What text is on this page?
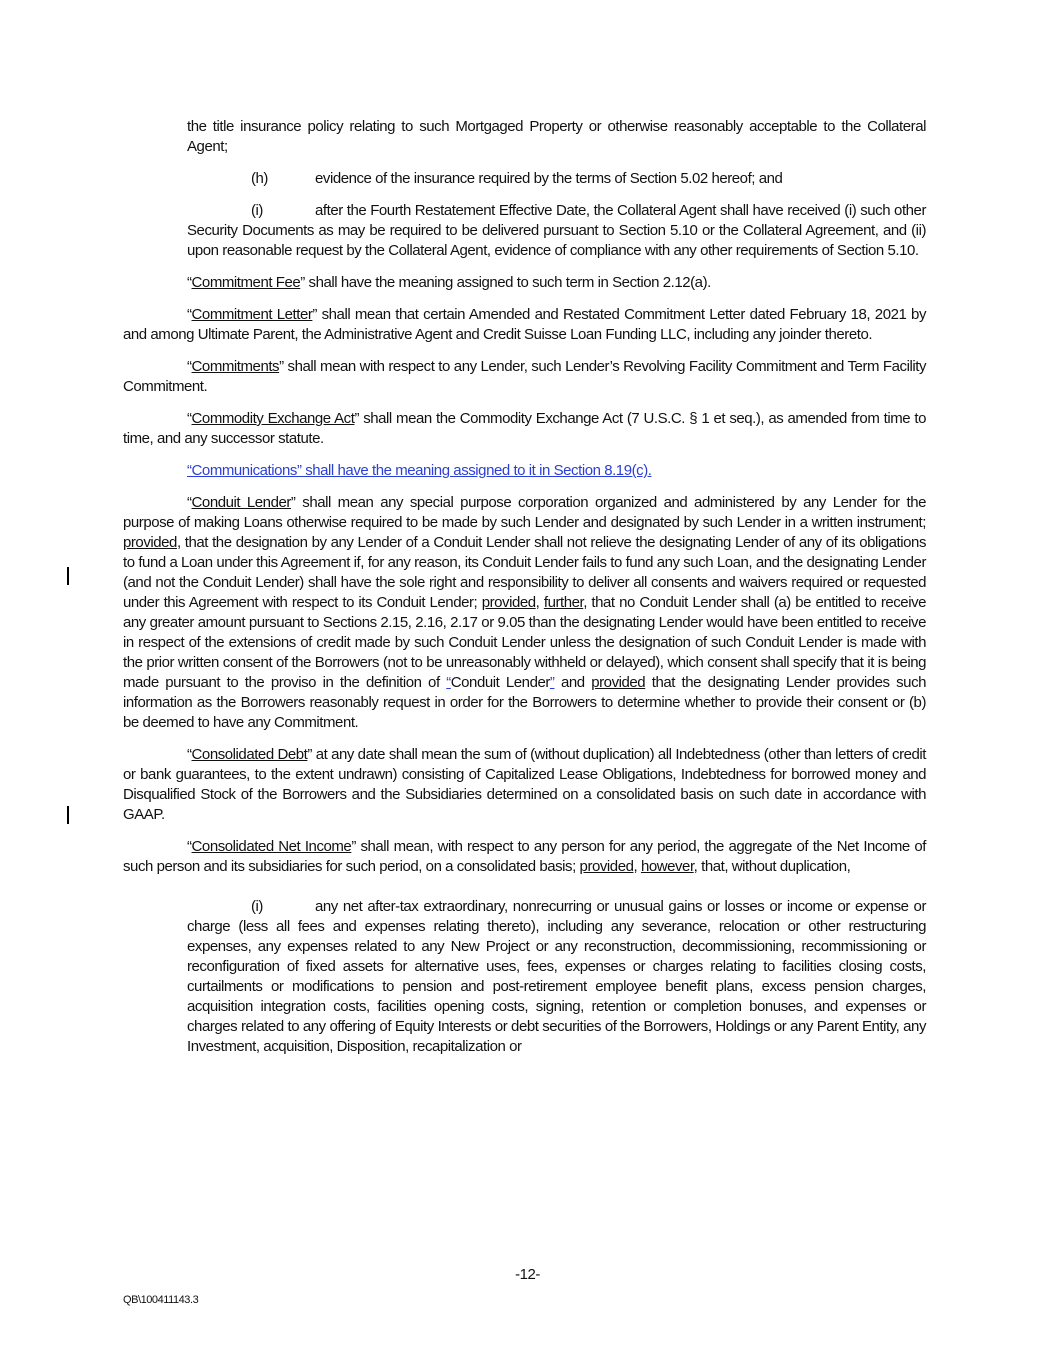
the title insurance policy relating to such Mortgaged Property or otherwise reasonably acceptable to the Collateral Agent;

(h)	evidence of the insurance required by the terms of Section 5.02 hereof; and

(i)	after the Fourth Restatement Effective Date, the Collateral Agent shall have received (i) such other Security Documents as may be required to be delivered pursuant to Section 5.10 or the Collateral Agreement, and (ii) upon reasonable request by the Collateral Agent, evidence of compliance with any other requirements of Section 5.10.

“Commitment Fee” shall have the meaning assigned to such term in Section 2.12(a).

“Commitment Letter” shall mean that certain Amended and Restated Commitment Letter dated February 18, 2021 by and among Ultimate Parent, the Administrative Agent and Credit Suisse Loan Funding LLC, including any joinder thereto.

“Commitments” shall mean with respect to any Lender, such Lender’s Revolving Facility Commitment and Term Facility Commitment.

“Commodity Exchange Act” shall mean the Commodity Exchange Act (7 U.S.C. § 1 et seq.), as amended from time to time, and any successor statute.

“Communications” shall have the meaning assigned to it in Section 8.19(c).

“Conduit Lender” shall mean any special purpose corporation organized and administered by any Lender for the purpose of making Loans otherwise required to be made by such Lender and designated by such Lender in a written instrument; provided, that the designation by any Lender of a Conduit Lender shall not relieve the designating Lender of any of its obligations to fund a Loan under this Agreement if, for any reason, its Conduit Lender fails to fund any such Loan, and the designating Lender (and not the Conduit Lender) shall have the sole right and responsibility to deliver all consents and waivers required or requested under this Agreement with respect to its Conduit Lender; provided, further, that no Conduit Lender shall (a) be entitled to receive any greater amount pursuant to Sections 2.15, 2.16, 2.17 or 9.05 than the designating Lender would have been entitled to receive in respect of the extensions of credit made by such Conduit Lender unless the designation of such Conduit Lender is made with the prior written consent of the Borrowers (not to be unreasonably withheld or delayed), which consent shall specify that it is being made pursuant to the proviso in the definition of “Conduit Lender” and provided that the designating Lender provides such information as the Borrowers reasonably request in order for the Borrowers to determine whether to provide their consent or (b) be deemed to have any Commitment.

“Consolidated Debt” at any date shall mean the sum of (without duplication) all Indebtedness (other than letters of credit or bank guarantees, to the extent undrawn) consisting of Capitalized Lease Obligations, Indebtedness for borrowed money and Disqualified Stock of the Borrowers and the Subsidiaries determined on a consolidated basis on such date in accordance with GAAP.

“Consolidated Net Income” shall mean, with respect to any person for any period, the aggregate of the Net Income of such person and its subsidiaries for such period, on a consolidated basis; provided, however, that, without duplication,

(i)	any net after-tax extraordinary, nonrecurring or unusual gains or losses or income or expense or charge (less all fees and expenses relating thereto), including any severance, relocation or other restructuring expenses, any expenses related to any New Project or any reconstruction, decommissioning, recommissioning or reconfiguration of fixed assets for alternative uses, fees, expenses or charges relating to facilities closing costs, curtailments or modifications to pension and post-retirement employee benefit plans, excess pension charges, acquisition integration costs, facilities opening costs, signing, retention or completion bonuses, and expenses or charges related to any offering of Equity Interests or debt securities of the Borrowers, Holdings or any Parent Entity, any Investment, acquisition, Disposition, recapitalization or

-12-
QB\100411143.3
